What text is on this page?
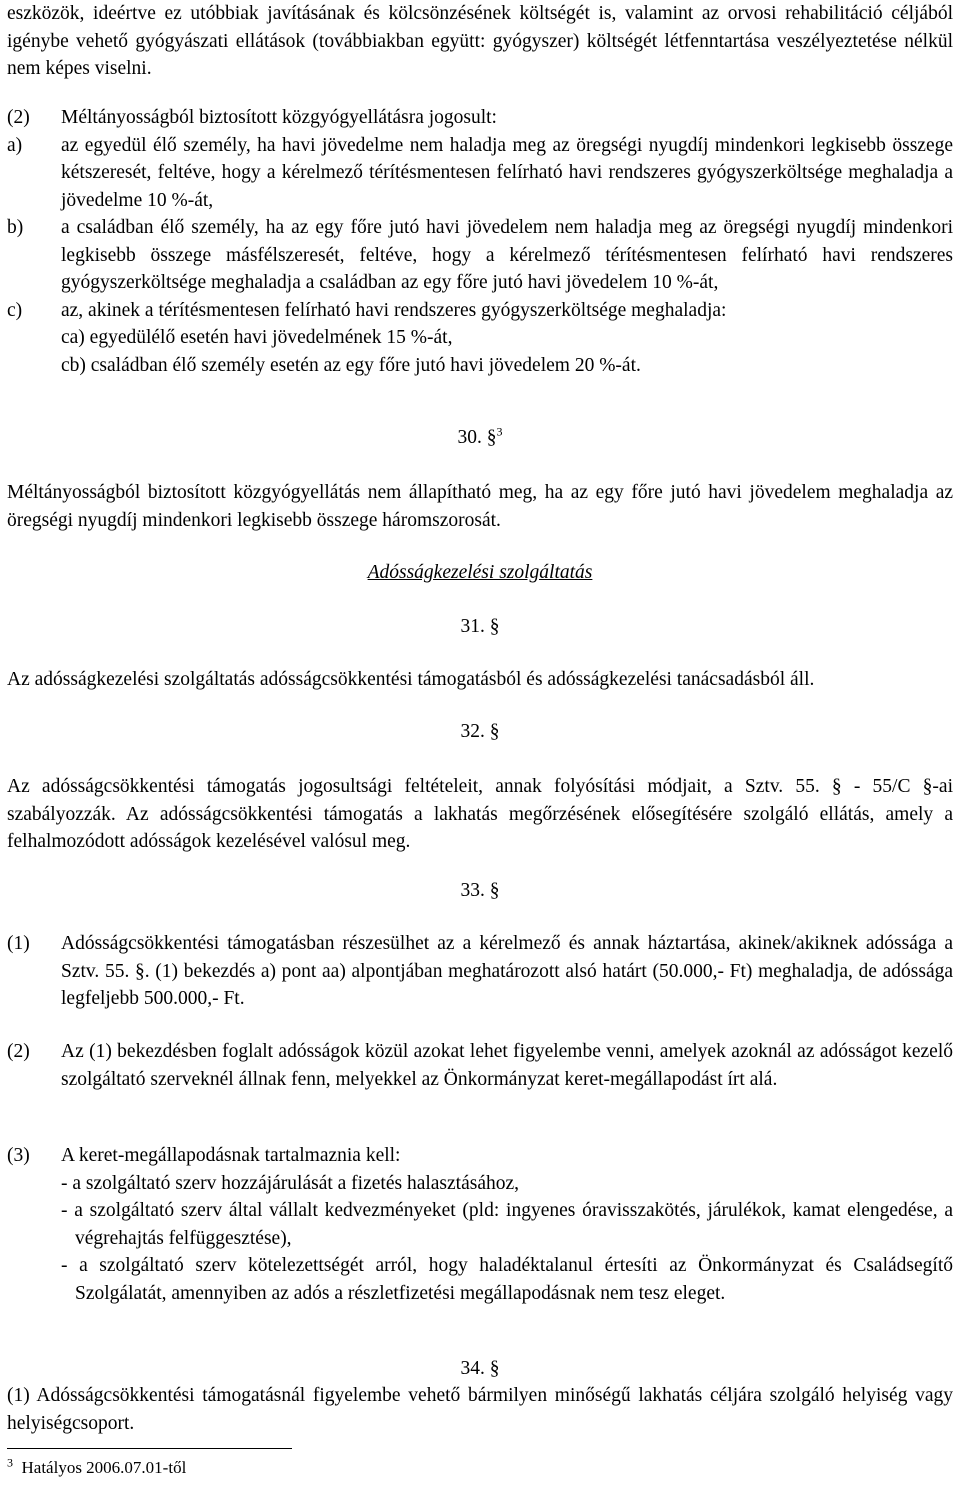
eszközök, ideértve ez utóbbiak javításának és kölcsönzésének költségét is, valamint az orvosi rehabilitáció céljából igénybe vehető gyógyászati ellátások (továbbiakban együtt: gyógyszer) költségét létfenntartása veszélyeztetése nélkül nem képes viselni.
(2)	Méltányosságból biztosított közgyógyellátásra jogosult:
a)	az egyedül élő személy, ha havi jövedelme nem haladja meg az öregségi nyugdíj mindenkori legkisebb összege kétszeresét, feltéve, hogy a kérelmező térítésmentesen felírható havi rendszeres gyógyszerköltsége meghaladja a jövedelme 10 %-át,
b)	a családban élő személy, ha az egy főre jutó havi jövedelem nem haladja meg az öregségi nyugdíj mindenkori legkisebb összege másfélszeresét, feltéve, hogy a kérelmező térítésmentesen felírható havi rendszeres gyógyszerköltsége meghaladja a családban az egy főre jutó havi jövedelem 10 %-át,
c)	az, akinek a térítésmentesen felírható havi rendszeres gyógyszerköltsége meghaladja:
ca) egyedülélő esetén havi jövedelmének 15 %-át,
cb) családban élő személy esetén az egy főre jutó havi jövedelem 20 %-át.
30. §$^3$
Méltányosságból biztosított közgyógyellátás nem állapítható meg, ha az egy főre jutó havi jövedelem meghaladja az öregségi nyugdíj mindenkori legkisebb összege háromszorosát.
Adósságkezelési szolgáltatás
31. §
Az adósságkezelési szolgáltatás adósságcsökkentési támogatásból és adósságkezelési tanácsadásból áll.
32. §
Az adósságcsökkentési támogatás jogosultsági feltételeit, annak folyósítási módjait, a Sztv. 55. § - 55/C §-ai szabályozzák. Az adósságcsökkentési támogatás a lakhatás megőrzésének elősegítésére szolgáló ellátás, amely a felhalmozódott adósságok kezelésével valósul meg.
33. §
(1)	Adósságcsökkentési támogatásban részesülhet az a kérelmező és annak háztartása, akinek/akiknek adóssága a Sztv. 55. §. (1) bekezdés a) pont aa) alpontjában meghatározott alsó határt (50.000,- Ft) meghaladja, de adóssága legfeljebb 500.000,- Ft.
(2)	Az (1) bekezdésben foglalt adósságok közül azokat lehet figyelembe venni, amelyek azoknál az adósságot kezelő szolgáltató szerveknél állnak fenn, melyekkel az Önkormányzat keret-megállapodást írt alá.
(3)	A keret-megállapodásnak tartalmaznia kell:
- a szolgáltató szerv hozzájárulását a fizetés halasztásához,
- a szolgáltató szerv által vállalt kedvezményeket (pld: ingyenes óravisszakötés, járulékok, kamat elengedése, a végrehajtás felfüggesztése),
- a szolgáltató szerv kötelezettségét arról, hogy haladéktalanul értesíti az Önkormányzat és Családsegítő Szolgálatát, amennyiben az adós a részletfizetési megállapodásnak nem tesz eleget.
34. §
(1) Adósságcsökkentési támogatásnál figyelembe vehető bármilyen minőségű lakhatás céljára szolgáló helyiség vagy helyiségcsoport.
$^3$ Hatályos 2006.07.01-től
